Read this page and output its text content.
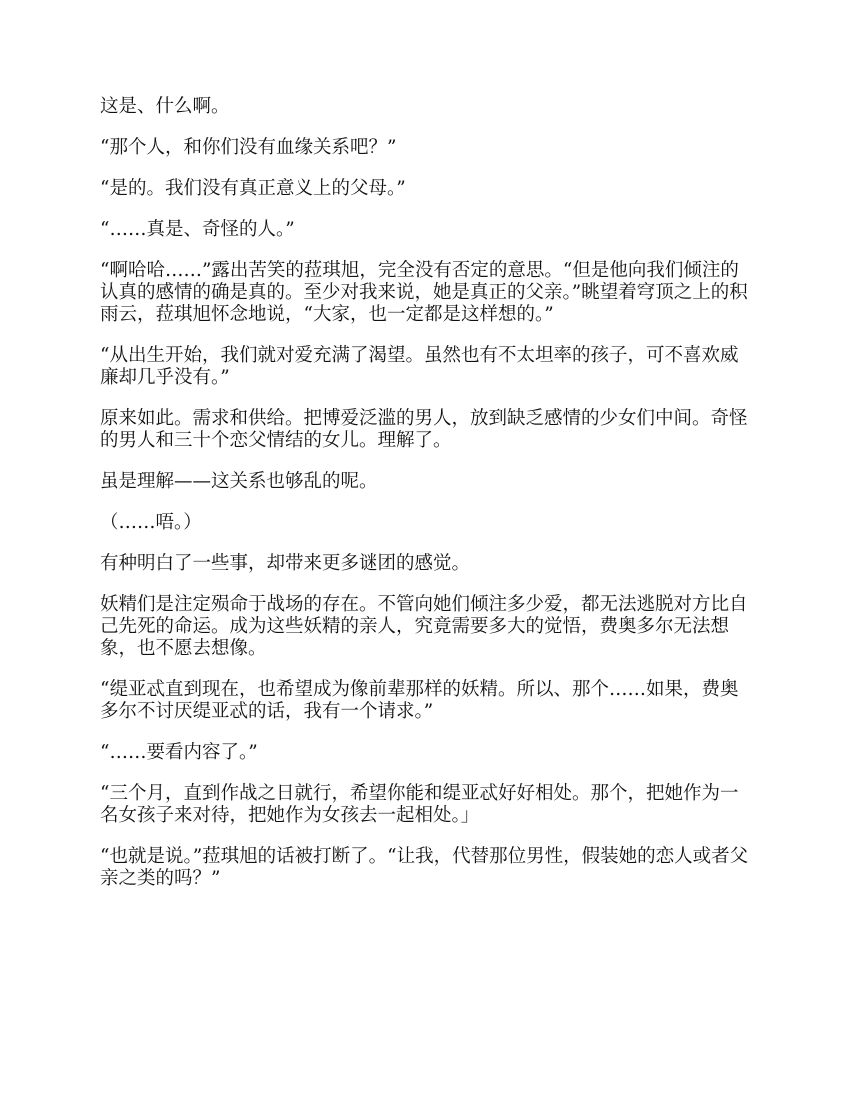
这是、什么啊。

“那个人，和你们没有血缘关系吧？”

“是的。我们没有真正意义上的父母。”

“……真是、奇怪的人。”

“啊哈哈……”露出苦笑的菈琪旭，完全没有否定的意思。“但是他向我们倾注的认真的感情的确是真的。至少对我来说，她是真正的父亲。”眺望着穹顶之上的积雨云，菈琪旭怀念地说，“大家，也一定都是这样想的。”

“从出生开始，我们就对爱充满了渴望。虽然也有不太坦率的孩子，可不喜欢威廉却几乎没有。”

原来如此。需求和供给。把博爱泛滥的男人，放到缺乏感情的少女们中间。奇怪的男人和三十个恋父情结的女儿。理解了。

虽是理解——这关系也够乱的呢。

（……唔。）

有种明白了一些事，却带来更多谜团的感觉。

妖精们是注定殒命于战场的存在。不管向她们倾注多少爱，都无法逃脱对方比自己先死的命运。成为这些妖精的亲人，究竟需要多大的觉悟，费奥多尔无法想象，也不愿去想像。

“缇亚忒直到现在，也希望成为像前辈那样的妖精。所以、那个……如果，费奥多尔不讨厌缇亚忒的话，我有一个请求。”

“……要看内容了。”

“三个月，直到作战之日就行，希望你能和缇亚忒好好相处。那个，把她作为一名女孩子来对待，把她作为女孩去一起相处。」

“也就是说。”菈琪旭的话被打断了。“让我，代替那位男性，假装她的恋人或者父亲之类的吗？”
